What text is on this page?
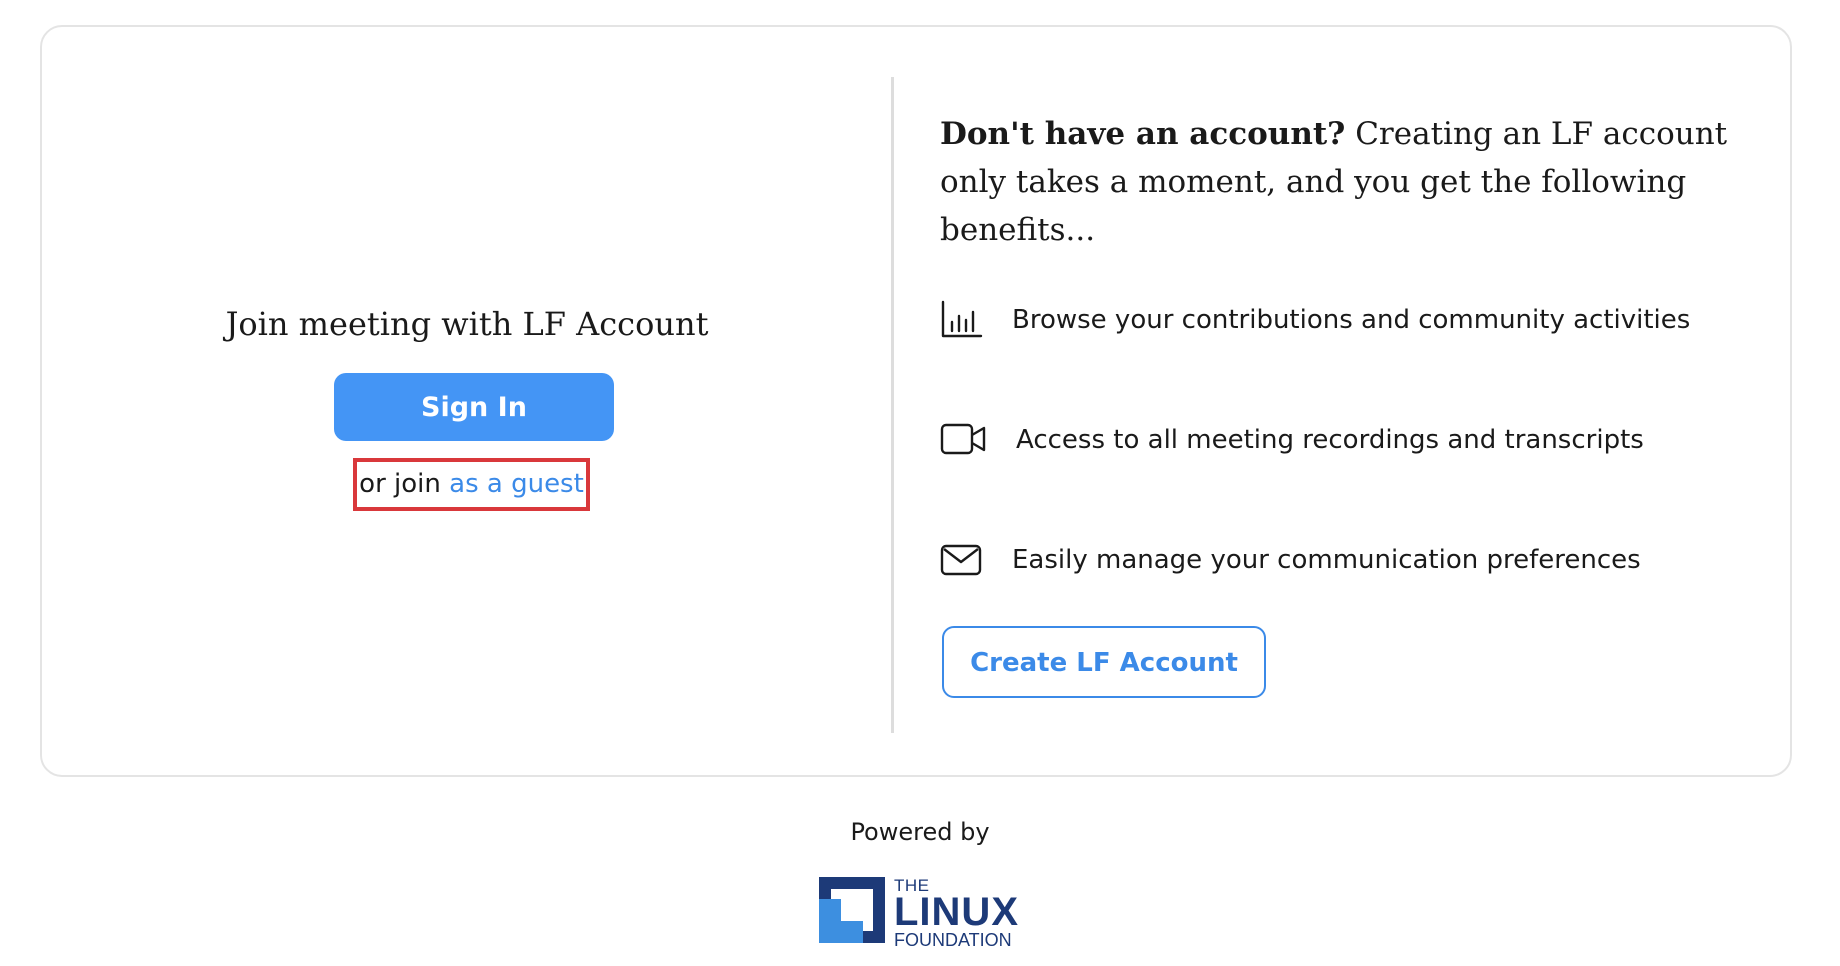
Join meeting with LF Account
Sign In
or join as a guest
Don't have an account? Creating an LF account only takes a moment, and you get the following benefits...
Browse your contributions and community activities
Access to all meeting recordings and transcripts
Easily manage your communication preferences
Create LF Account
Powered by
THE
LINUX
FOUNDATION
